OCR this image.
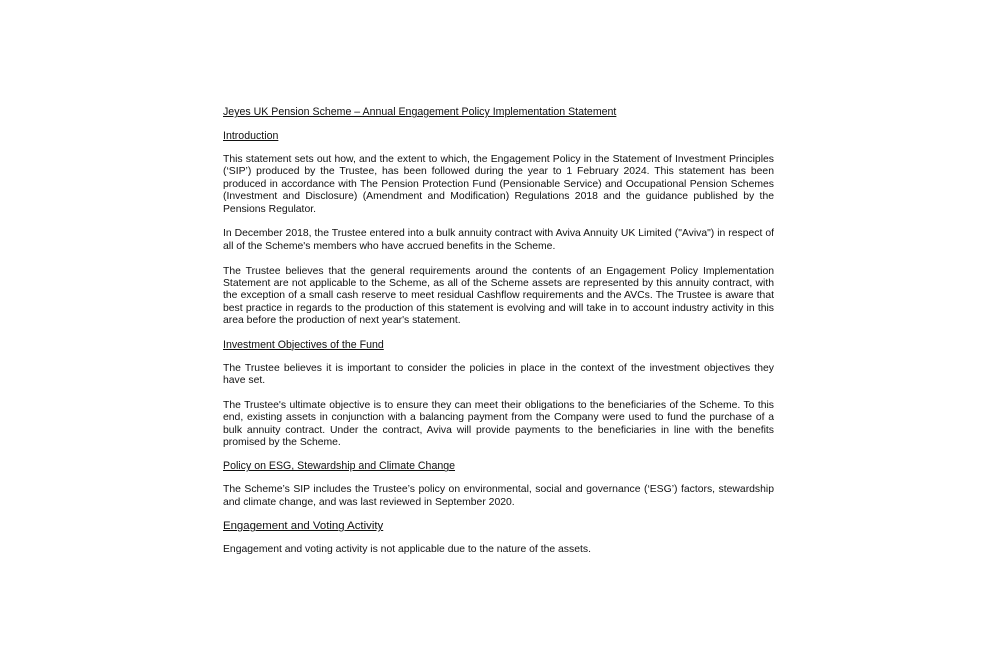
Jeyes UK Pension Scheme – Annual Engagement Policy Implementation Statement
Introduction

This statement sets out how, and the extent to which, the Engagement Policy in the Statement of Investment Principles (‘SIP’) produced by the Trustee, has been followed during the year to 1 February 2024. This statement has been produced in accordance with The Pension Protection Fund (Pensionable Service) and Occupational Pension Schemes (Investment and Disclosure) (Amendment and Modification) Regulations 2018 and the guidance published by the Pensions Regulator.

In December 2018, the Trustee entered into a bulk annuity contract with Aviva Annuity UK Limited ("Aviva") in respect of all of the Scheme's members who have accrued benefits in the Scheme.

The Trustee believes that the general requirements around the contents of an Engagement Policy Implementation Statement are not applicable to the Scheme, as all of the Scheme assets are represented by this annuity contract, with the exception of a small cash reserve to meet residual Cashflow requirements and the AVCs. The Trustee is aware that best practice in regards to the production of this statement is evolving and will take in to account industry activity in this area before the production of next year's statement.

Investment Objectives of the Fund

The Trustee believes it is important to consider the policies in place in the context of the investment objectives they have set.

The Trustee's ultimate objective is to ensure they can meet their obligations to the beneficiaries of the Scheme. To this end, existing assets in conjunction with a balancing payment from the Company were used to fund the purchase of a bulk annuity contract. Under the contract, Aviva will provide payments to the beneficiaries in line with the benefits promised by the Scheme.

Policy on ESG, Stewardship and Climate Change

The Scheme’s SIP includes the Trustee’s policy on environmental, social and governance (‘ESG’) factors, stewardship and climate change, and was last reviewed in September 2020.

Engagement and Voting Activity

Engagement and voting activity is not applicable due to the nature of the assets.
